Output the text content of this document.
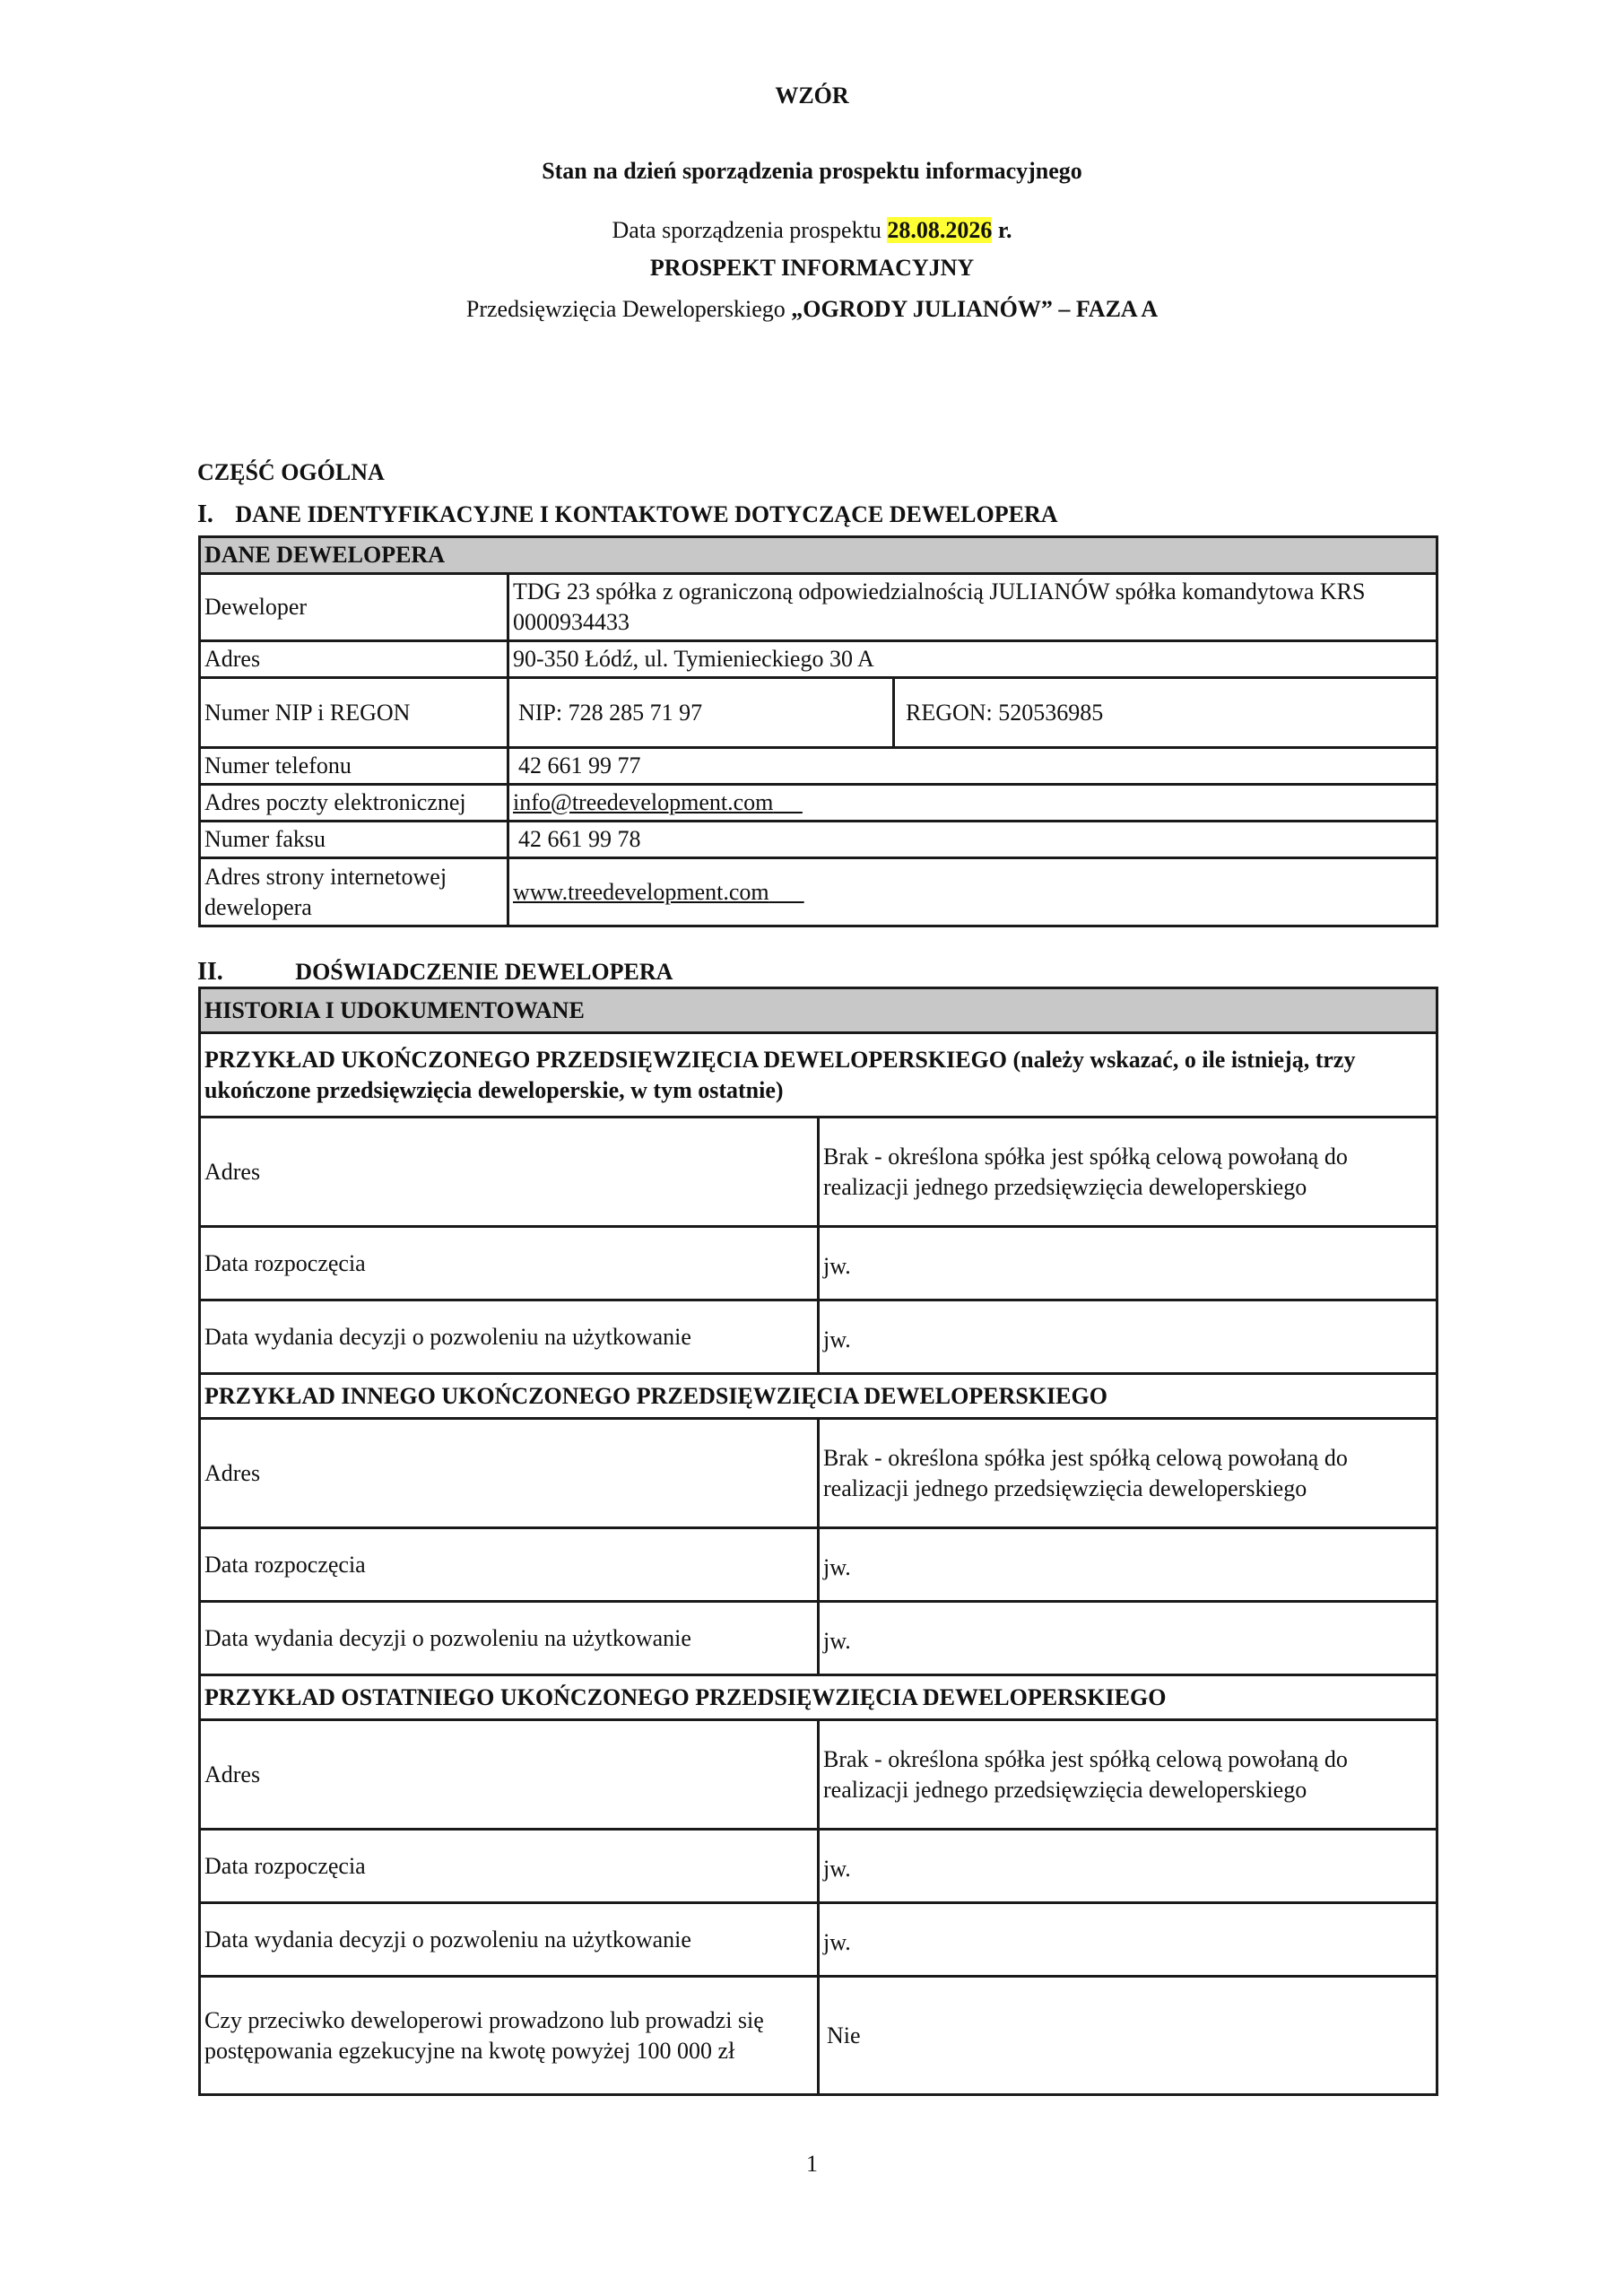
WZÓR
Stan na dzień sporządzenia prospektu informacyjnego
Data sporządzenia prospektu 28.08.2026 r.
PROSPEKT INFORMACYJNY
Przedsięwzięcia Deweloperskiego „OGRODY JULIANÓW” – FAZA A
CZĘŚĆ OGÓLNA
I. DANE IDENTYFIKACYJNE I KONTAKTOWE DOTYCZĄCE DEWELOPERA
DANE DEWELOPERA		
Deweloper	TDG 23 spółka z ograniczoną odpowiedzialnością JULIANÓW spółka komandytowa KRS 0000934433	
Adres	90-350 Łódź, ul. Tymienieckiego 30 A	
Numer NIP i REGON	NIP: 728 285 71 97	REGON: 520536985
Numer telefonu	42 661 99 77	
Adres poczty elektronicznej	info@treedevelopment.com	
Numer faksu	42 661 99 78	
Adres strony internetowej dewelopera	www.treedevelopment.com	
II.	DOŚWIADCZENIE DEWELOPERA
HISTORIA I UDOKUMENTOWANE	
PRZYKŁAD UKOŃCZONEGO PRZEDSIĘWZIĘCIA DEWELOPERSKIEGO (należy wskazać, o ile istnieją, trzy ukończone przedsięwzięcia deweloperskie, w tym ostatnie)	
Adres	Brak - określona spółka jest spółką celową powołaną do realizacji jednego przedsięwzięcia deweloperskiego
Data rozpoczęcia	jw.
Data wydania decyzji o pozwoleniu na użytkowanie	jw.
PRZYKŁAD INNEGO UKOŃCZONEGO PRZEDSIĘWZIĘCIA DEWELOPERSKIEGO	
Adres	Brak - określona spółka jest spółką celową powołaną do realizacji jednego przedsięwzięcia deweloperskiego
Data rozpoczęcia	jw.
Data wydania decyzji o pozwoleniu na użytkowanie	jw.
PRZYKŁAD OSTATNIEGO UKOŃCZONEGO PRZEDSIĘWZIĘCIA DEWELOPERSKIEGO	
Adres	Brak - określona spółka jest spółką celową powołaną do realizacji jednego przedsięwzięcia deweloperskiego
Data rozpoczęcia	jw.
Data wydania decyzji o pozwoleniu na użytkowanie	jw.
Czy przeciwko deweloperowi prowadzono lub prowadzi się postępowania egzekucyjne na kwotę powyżej 100 000 zł	Nie
1
